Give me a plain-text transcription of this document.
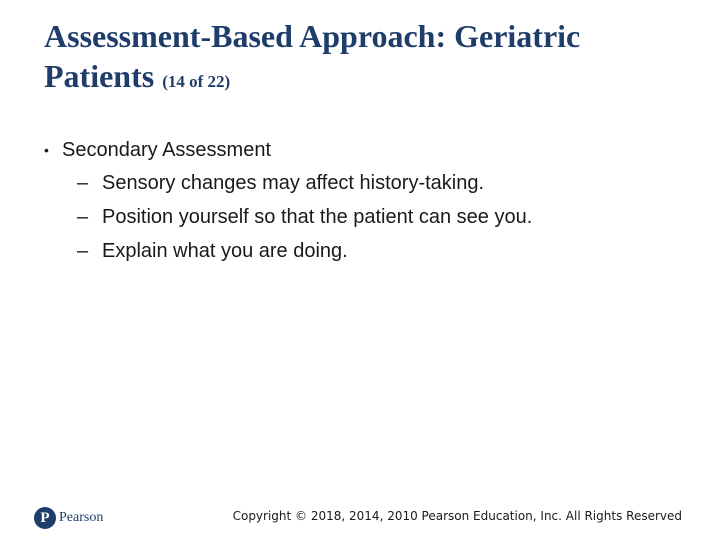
Assessment-Based Approach: Geriatric Patients (14 of 22)
• Secondary Assessment
– Sensory changes may affect history-taking.
– Position yourself so that the patient can see you.
– Explain what you are doing.
P Pearson	Copyright © 2018, 2014, 2010 Pearson Education, Inc. All Rights Reserved
